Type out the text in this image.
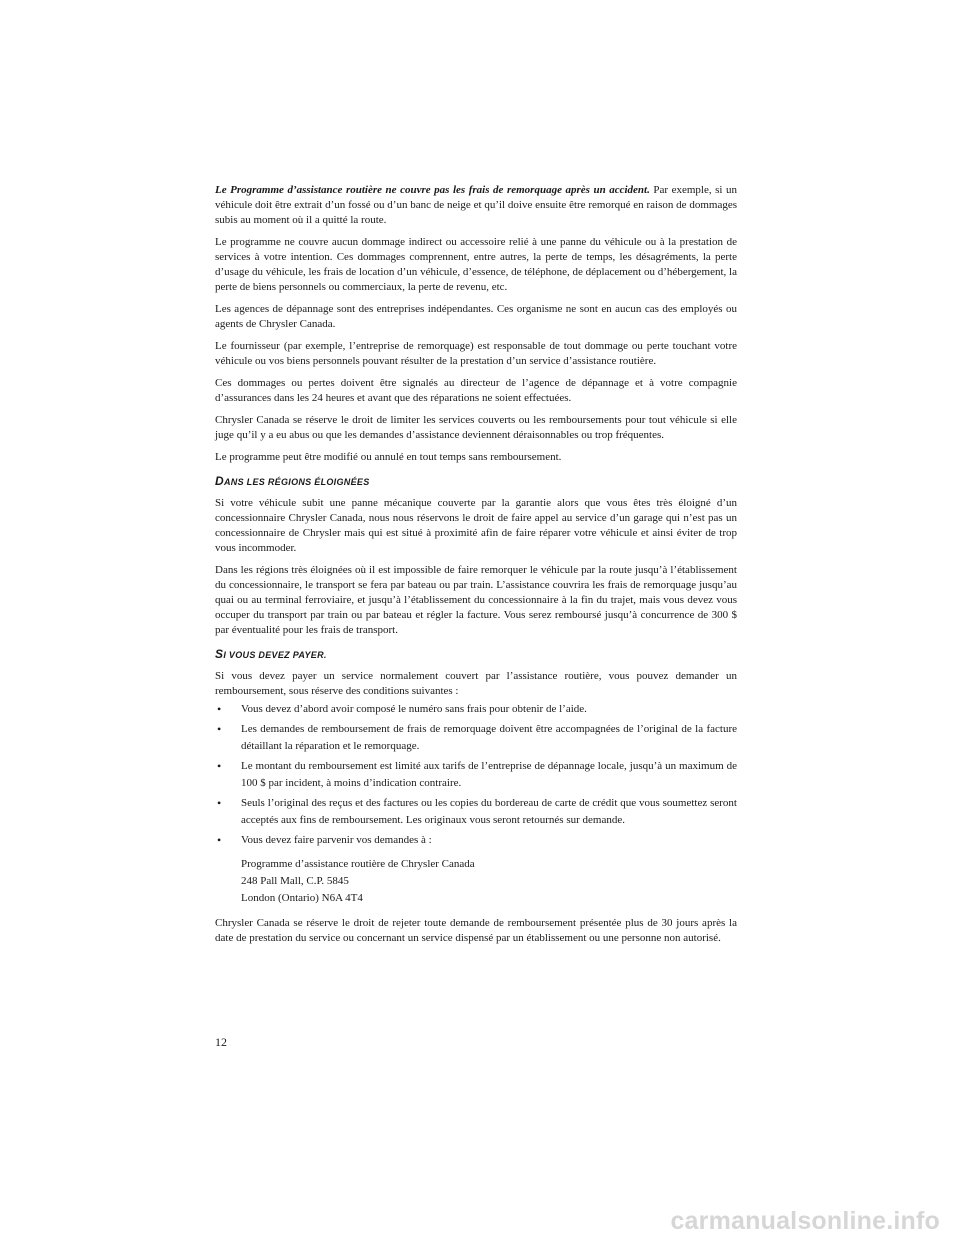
Le Programme d’assistance routière ne couvre pas les frais de remorquage après un accident. Par exemple, si un véhicule doit être extrait d’un fossé ou d’un banc de neige et qu’il doive ensuite être remorqué en raison de dommages subis au moment où il a quitté la route.

Le programme ne couvre aucun dommage indirect ou accessoire relié à une panne du véhicule ou à la prestation de services à votre intention. Ces dommages comprennent, entre autres, la perte de temps, les désagréments, la perte d’usage du véhicule, les frais de location d’un véhicule, d’essence, de téléphone, de déplacement ou d’hébergement, la perte de biens personnels ou commerciaux, la perte de revenu, etc.

Les agences de dépannage sont des entreprises indépendantes. Ces organisme ne sont en aucun cas des employés ou agents de Chrysler Canada.

Le fournisseur (par exemple, l’entreprise de remorquage) est responsable de tout dommage ou perte touchant votre véhicule ou vos biens personnels pouvant résulter de la prestation d’un service d’assistance routière.

Ces dommages ou pertes doivent être signalés au directeur de l’agence de dépannage et à votre compagnie d’assurances dans les 24 heures et avant que des réparations ne soient effectuées.

Chrysler Canada se réserve le droit de limiter les services couverts ou les remboursements pour tout véhicule si elle juge qu’il y a eu abus ou que les demandes d’assistance deviennent déraisonnables ou trop fréquentes.

Le programme peut être modifié ou annulé en tout temps sans remboursement.

DANS LES RÉGIONS ÉLOIGNÉES

Si votre véhicule subit une panne mécanique couverte par la garantie alors que vous êtes très éloigné d’un concessionnaire Chrysler Canada, nous nous réservons le droit de faire appel au service d’un garage qui n’est pas un concessionnaire de Chrysler mais qui est situé à proximité afin de faire réparer votre véhicule et ainsi éviter de trop vous incommoder.

Dans les régions très éloignées où il est impossible de faire remorquer le véhicule par la route jusqu’à l’établissement du concessionnaire, le transport se fera par bateau ou par train. L’assistance couvrira les frais de remorquage jusqu’au quai ou au terminal ferroviaire, et jusqu’à l’établissement du concessionnaire à la fin du trajet, mais vous devez vous occuper du transport par train ou par bateau et régler la facture. Vous serez remboursé jusqu’à concurrence de 300 $ par éventualité pour les frais de transport.

SI VOUS DEVEZ PAYER.

Si vous devez payer un service normalement couvert par l’assistance routière, vous pouvez demander un remboursement, sous réserve des conditions suivantes :

• Vous devez d’abord avoir composé le numéro sans frais pour obtenir de l’aide.
• Les demandes de remboursement de frais de remorquage doivent être accompagnées de l’original de la facture détaillant la réparation et le remorquage.
• Le montant du remboursement est limité aux tarifs de l’entreprise de dépannage locale, jusqu’à un maximum de 100 $ par incident, à moins d’indication contraire.
• Seuls l’original des reçus et des factures ou les copies du bordereau de carte de crédit que vous soumettez seront acceptés aux fins de remboursement. Les originaux vous seront retournés sur demande.
• Vous devez faire parvenir vos demandes à :
Programme d’assistance routière de Chrysler Canada
248 Pall Mall, C.P. 5845
London (Ontario) N6A 4T4

Chrysler Canada se réserve le droit de rejeter toute demande de remboursement présentée plus de 30 jours après la date de prestation du service ou concernant un service dispensé par un établissement ou une personne non autorisé.

12
carmanualsonline.info
